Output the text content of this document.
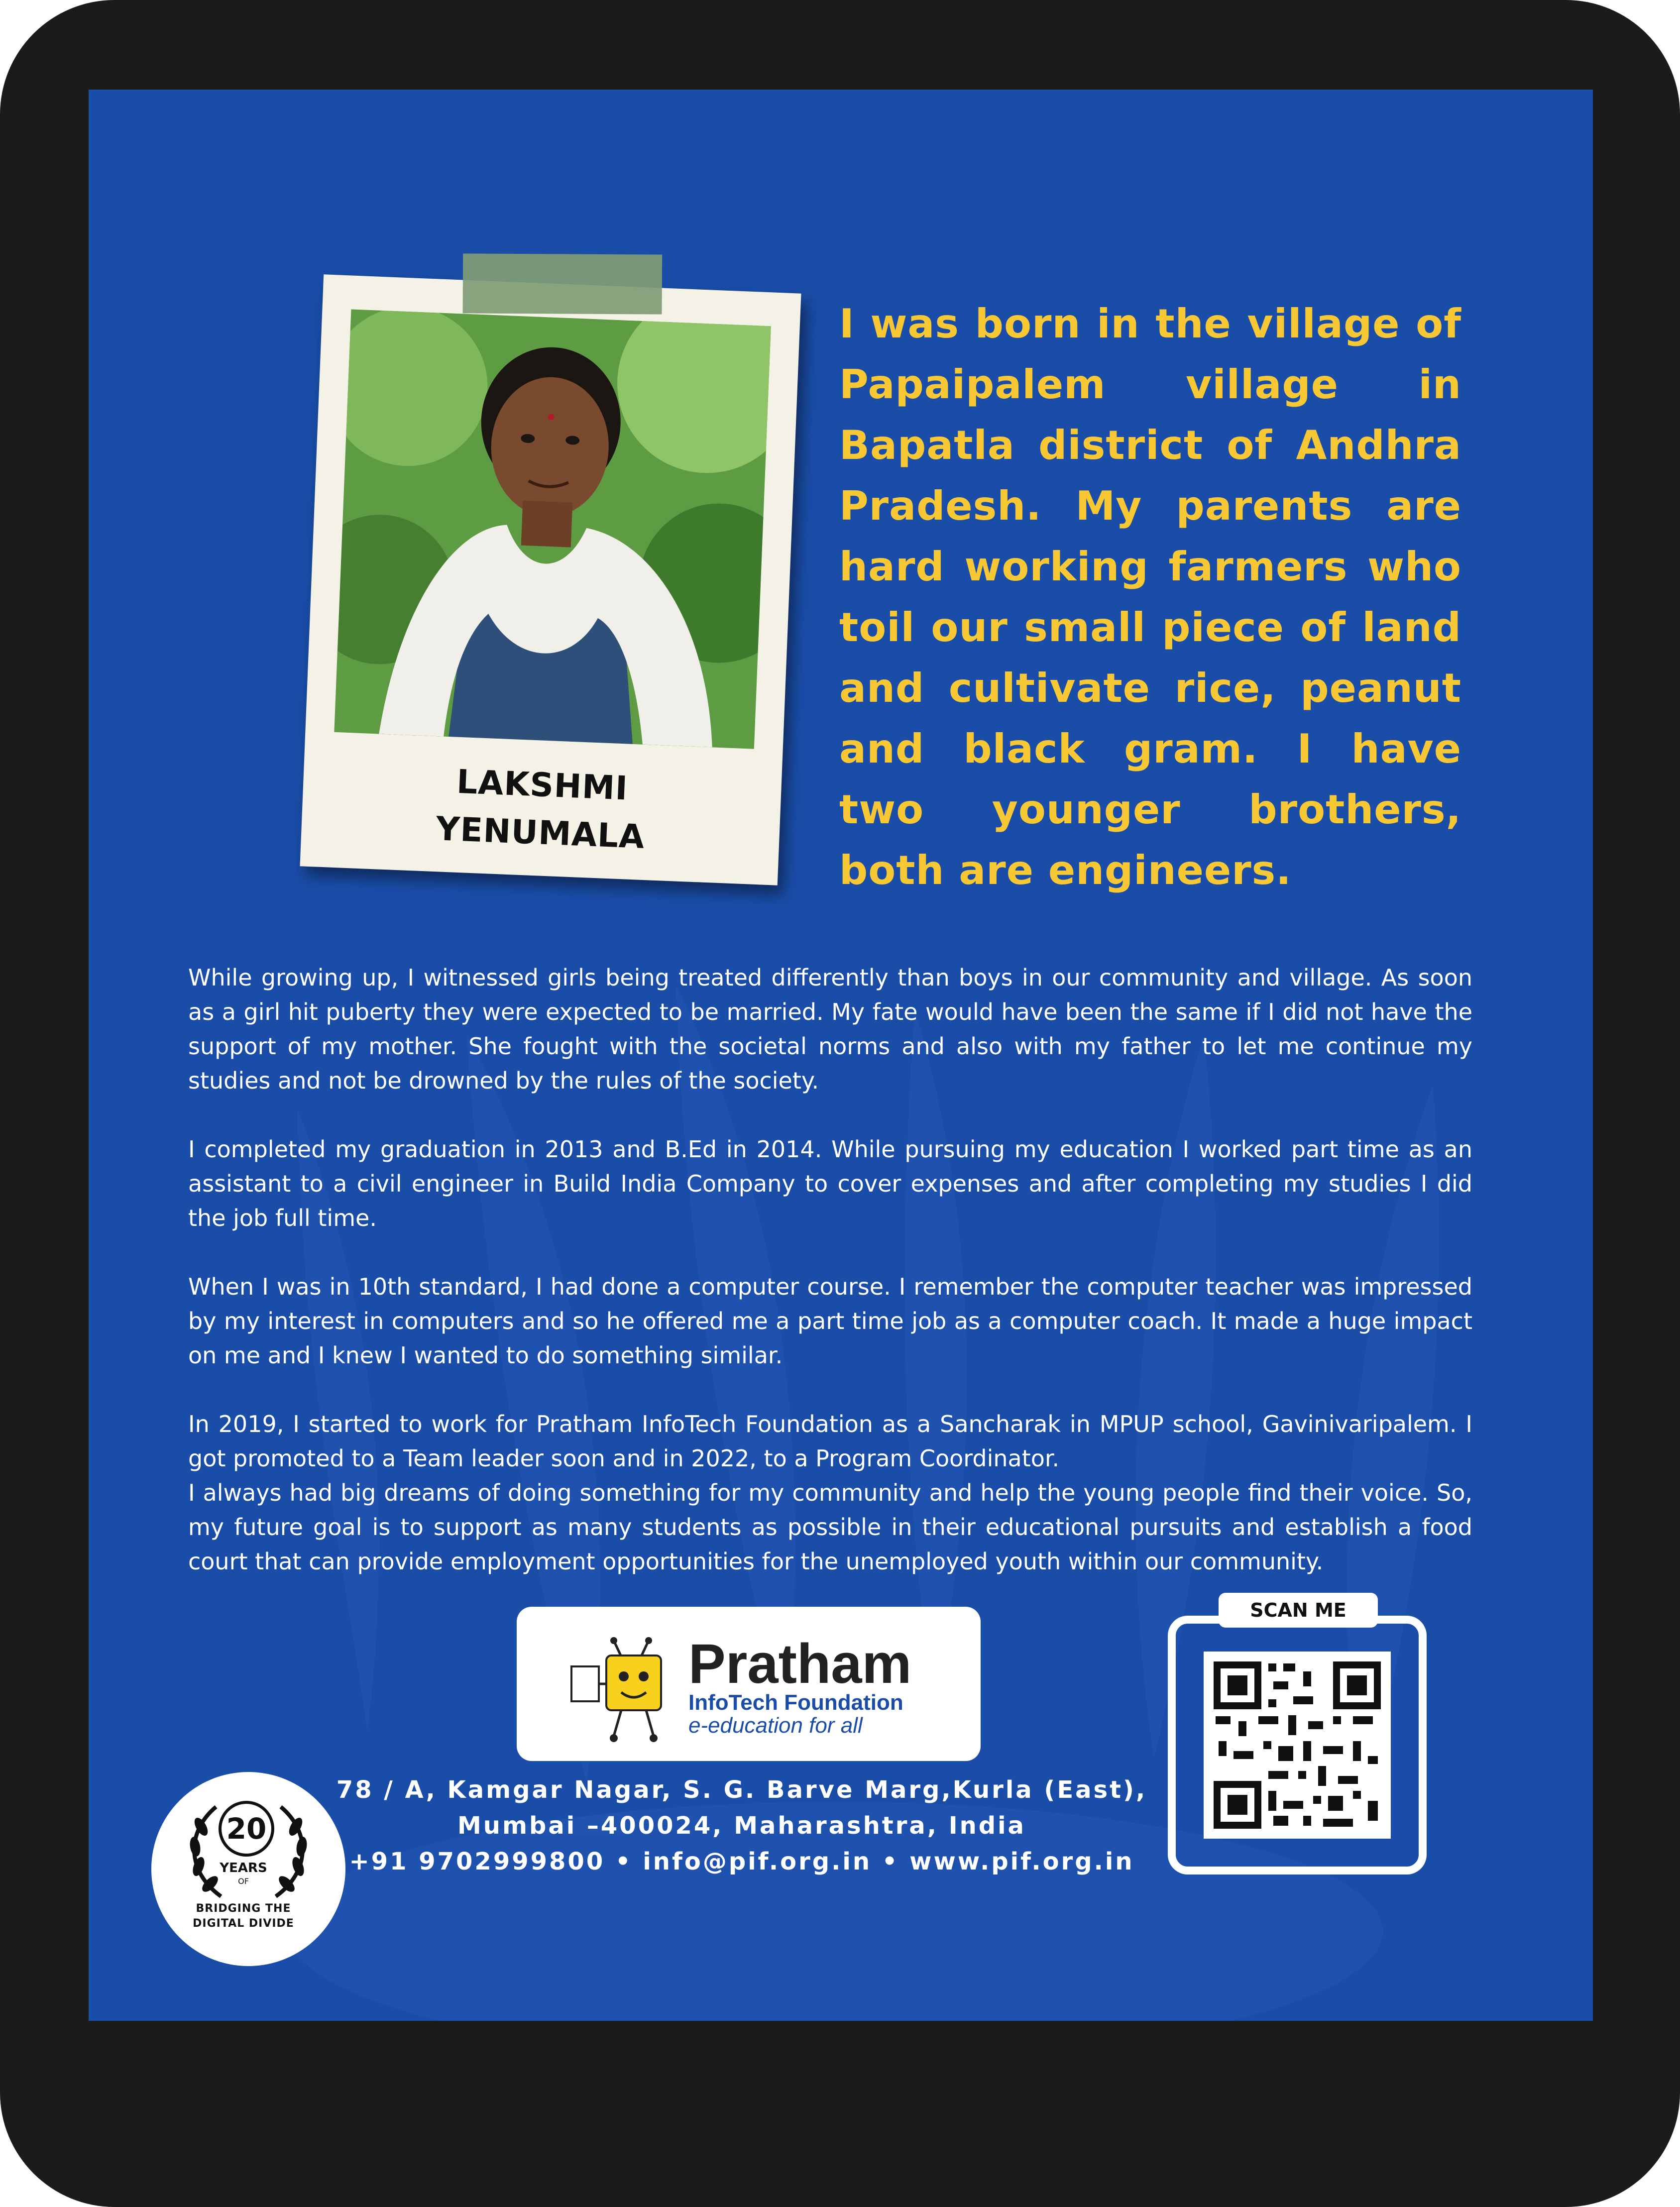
LAKSHMI
YENUMALA
I was born in the village of Papaipalem village in Bapatla district of Andhra Pradesh. My parents are hard working farmers who toil our small piece of land and cultivate rice, peanut and black gram. I have two younger brothers, both are engineers.

While growing up, I witnessed girls being treated differently than boys in our community and village. As soon as a girl hit puberty they were expected to be married. My fate would have been the same if I did not have the support of my mother. She fought with the societal norms and also with my father to let me continue my studies and not be drowned by the rules of the society.

I completed my graduation in 2013 and B.Ed in 2014. While pursuing my education I worked part time as an assistant to a civil engineer in Build India Company to cover expenses and after completing my studies I did the job full time.

When I was in 10th standard, I had done a computer course. I remember the computer teacher was impressed by my interest in computers and so he offered me a part time job as a computer coach. It made a huge impact on me and I knew I wanted to do something similar.

In 2019, I started to work for Pratham InfoTech Foundation as a Sancharak in MPUP school, Gavinivaripalem. I got promoted to a Team leader soon and in 2022, to a Program Coordinator.

I always had big dreams of doing something for my community and help the young people find their voice. So, my future goal is to support as many students as possible in their educational pursuits and establish a food court that can provide employment opportunities for the unemployed youth within our community.

20
YEARS
OF
BRIDGING THE
DIGITAL DIVIDE
Pratham
InfoTech Foundation
e-education for all
78 / A, Kamgar Nagar, S. G. Barve Marg,Kurla (East),
Mumbai –400024, Maharashtra, India
+91 9702999800 • info@pif.org.in • www.pif.org.in
SCAN ME
